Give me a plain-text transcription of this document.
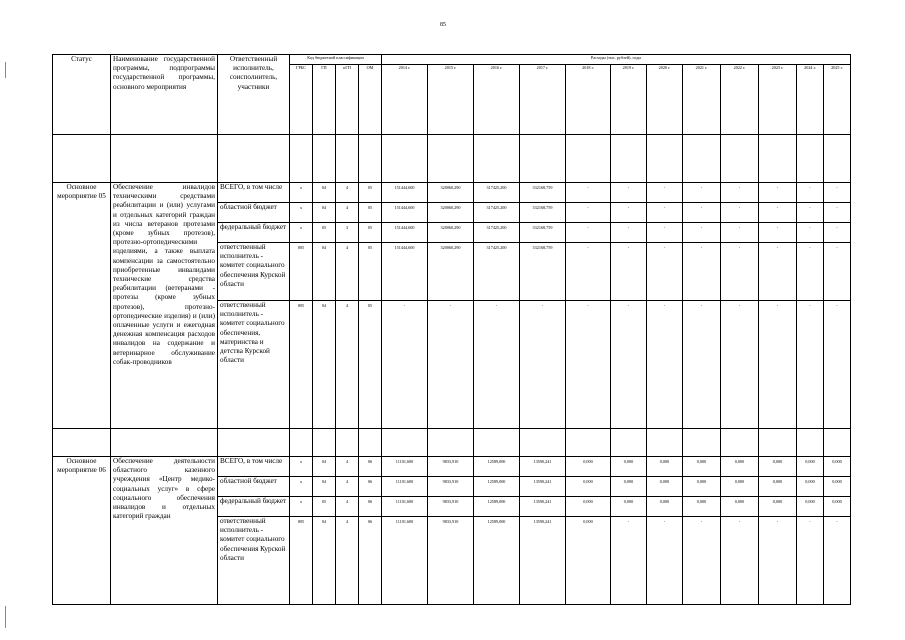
85
Статус	Наименование государственной программы, подпрограммы государственной программы, основного мероприятия	Ответственный исполнитель, соисполнитель, участники	Код бюджетной классификации				Расходы (тыс. рублей), годы											
			ГРБС	ГП	пГП	ОМ	2014 г.	2015 г.	2016 г.	2017 г.	2018 г.	2019 г.	2020 г.	2021 г.	2022 г.	2023 г.	2024 г.	2025 г.

Основное мероприятие 05	Обеспечение инвалидов техническими средствами реабилитации и (или) услугами и отдельных категорий граждан из числа ветеранов протезами (кроме зубных протезов), протезно-ортопедическими изделиями, а также выплата компенсации за самостоятельно приобретенные инвалидами технические средства реабилитации (ветеранами - протезы (кроме зубных протезов), протезно-ортопедические изделия) и (или) оплаченные услуги и ежегодная денежная компенсация расходов инвалидов на содержание и ветеринарное обслуживание собак-проводников	ВСЕГО, в том числе	x	04	4	05	151444,600	320060,290	317425,200	332168,759	-	-	-	-	-	-	-	-
		областной бюджет	x	04	4	05	151444,600	320060,290	317425,200	332168,759	-	-	-	-	-	-	-	-
		федеральный бюджет	x	05	3	05	151444,600	320060,290	317425,200	332168,759	-	-	-	-	-	-	-	-
		ответственный исполнитель - комитет социального обеспечения Курской области	805	04	4	05	151444,600	320060,290	317425,200	332168,759	-	-	-	-	-	-	-	-
		ответственный исполнитель - комитет социального обеспечения, материнства и детства Курской области	805	04	4	05	-	-	-	-	-	-	-	-	-	-	-	-

Основное мероприятие 06	Обеспечение деятельности областного казенного учреждения «Центр медико-социальных услуг» в сфере социального обеспечения инвалидов и отдельных категорий граждан	ВСЕГО, в том числе	x	04	4	06	11101,600	9833,910	12589,000	13590,241	0,000	0,000	0,000	0,000	0,000	0,000	0,000	0,000
		областной бюджет	x	04	4	06	11101,600	9833,910	12589,000	13590,241	0,000	0,000	0,000	0,000	0,000	0,000	0,000	0,000
		федеральный бюджет	x	05	4	06	11101,600	9833,910	12589,000	13590,241	0,000	0,000	0,000	0,000	0,000	0,000	0,000	0,000
		ответственный исполнитель - комитет социального обеспечения Курской области	805	04	4	06	11101,600	9833,910	12589,000	13590,241	0,000	-	-	-	-	-	-	-
